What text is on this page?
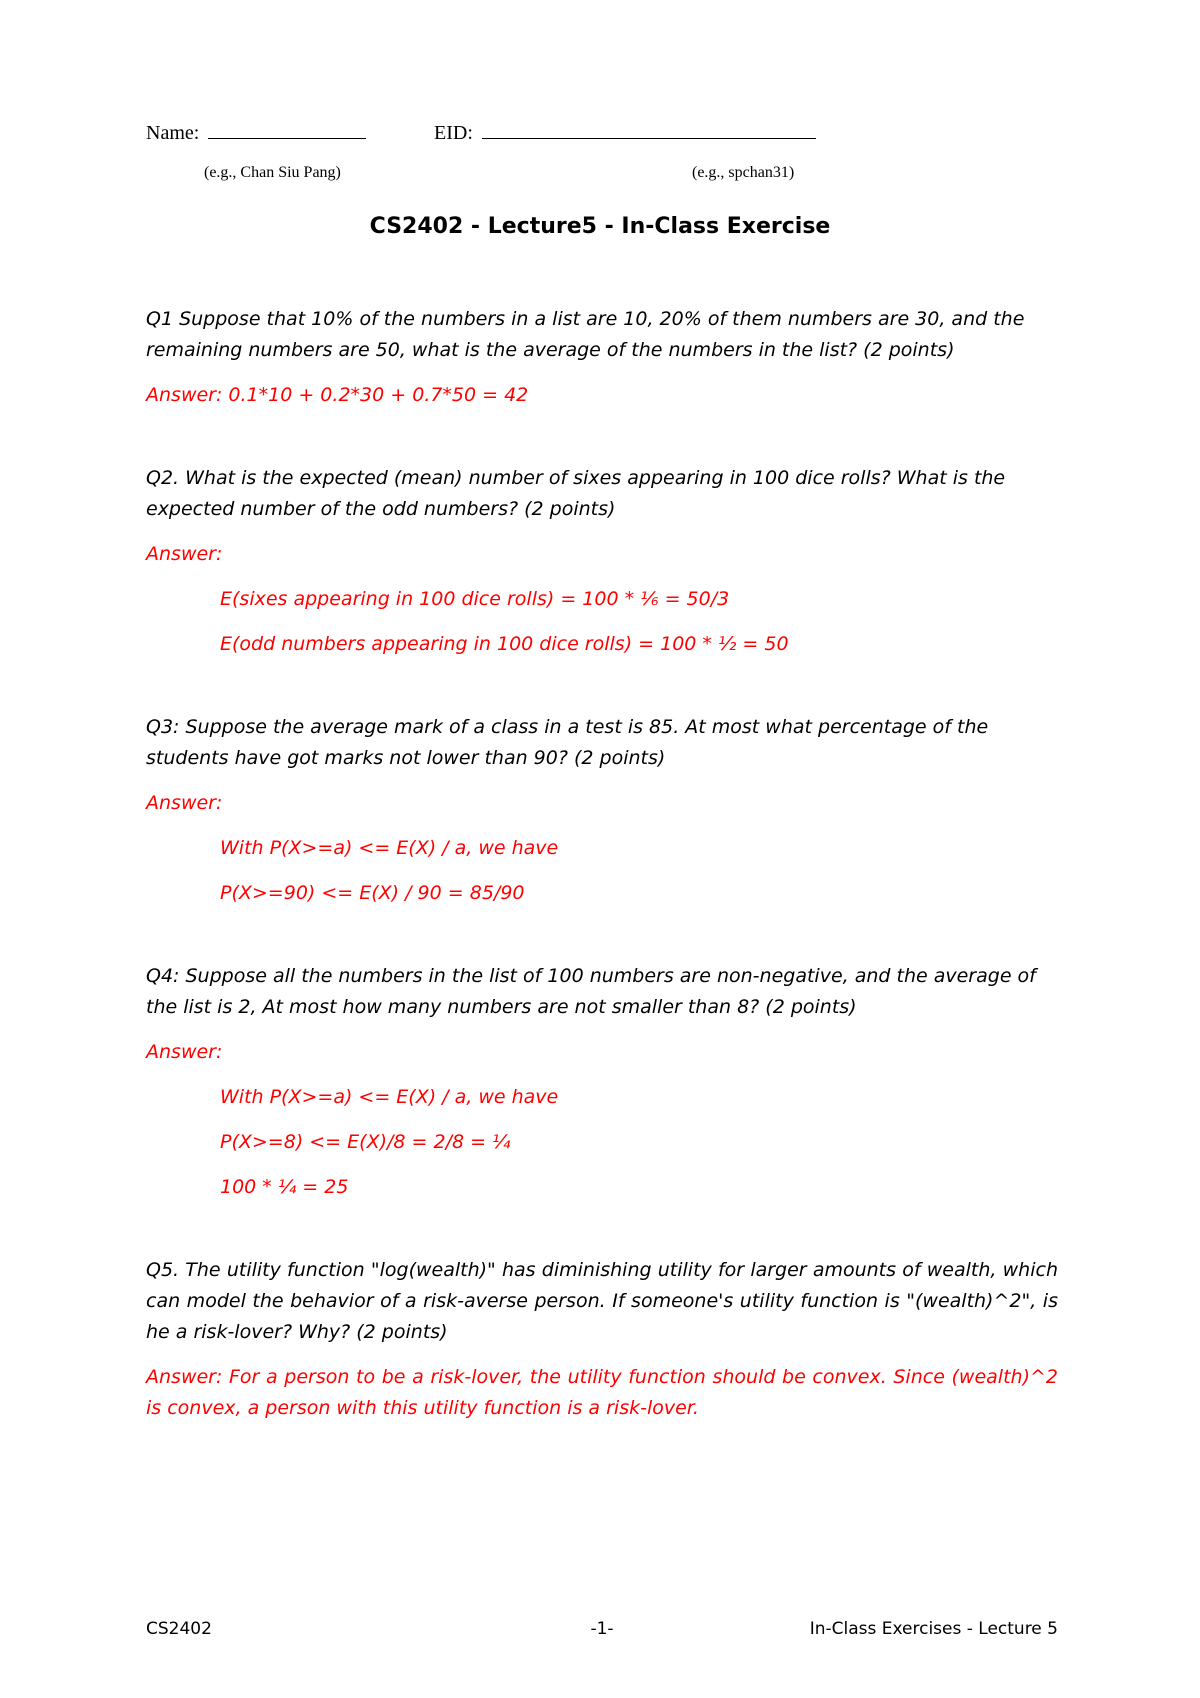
Name:	EID:
(e.g., Chan Siu Pang)	(e.g., spchan31)
CS2402 - Lecture5 - In-Class Exercise

Q1 Suppose that 10% of the numbers in a list are 10, 20% of them numbers are 30, and the remaining numbers are 50, what is the average of the numbers in the list? (2 points)

Answer: 0.1*10 + 0.2*30 + 0.7*50 = 42

Q2. What is the expected (mean) number of sixes appearing in 100 dice rolls? What is the expected number of the odd numbers? (2 points)

Answer:

E(sixes appearing in 100 dice rolls) = 100 * ⅙ = 50/3

E(odd numbers appearing in 100 dice rolls) = 100 * ½ = 50

Q3: Suppose the average mark of a class in a test is 85. At most what percentage of the students have got marks not lower than 90? (2 points)

Answer:

With P(X>=a) <= E(X) / a, we have

P(X>=90) <= E(X) / 90 = 85/90

Q4: Suppose all the numbers in the list of 100 numbers are non-negative, and the average of the list is 2, At most how many numbers are not smaller than 8? (2 points)

Answer:

With P(X>=a) <= E(X) / a, we have

P(X>=8) <= E(X)/8 = 2/8 = ¼

100 * ¼ = 25

Q5. The utility function "log(wealth)" has diminishing utility for larger amounts of wealth, which can model the behavior of a risk-averse person. If someone's utility function is "(wealth)^2", is he a risk-lover? Why? (2 points)

Answer: For a person to be a risk-lover, the utility function should be convex. Since (wealth)^2 is convex, a person with this utility function is a risk-lover.

CS2402	-1-	In-Class Exercises - Lecture 5
